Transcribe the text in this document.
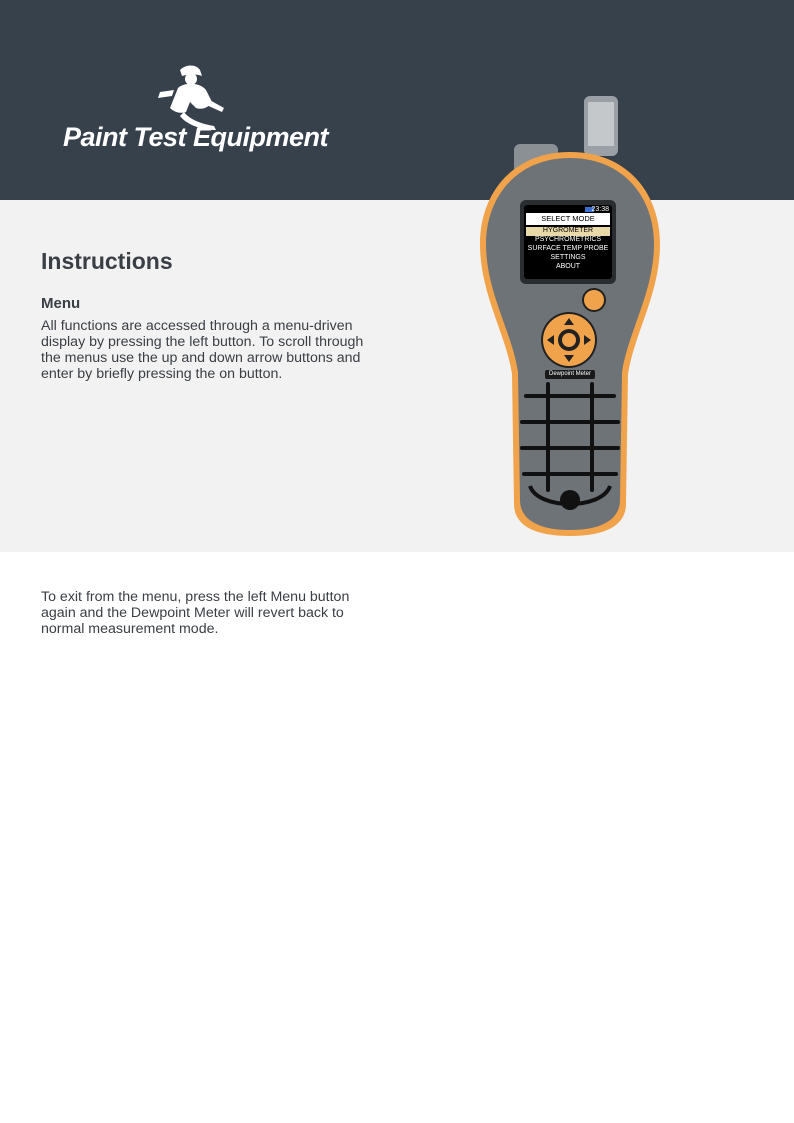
Paint Test Equipment
Instructions
Menu

All functions are accessed through a menu-driven display by pressing the left button. To scroll through the menus use the up and down arrow buttons and enter by briefly pressing the on button.

To exit from the menu, press the left Menu button again and the Dewpoint Meter will revert back to normal measurement mode.

23:38
SELECT MODE
HYGROMETER
PSYCHROMETRICS
SURFACE TEMP PROBE
SETTINGS
ABOUT
Dewpoint Meter
